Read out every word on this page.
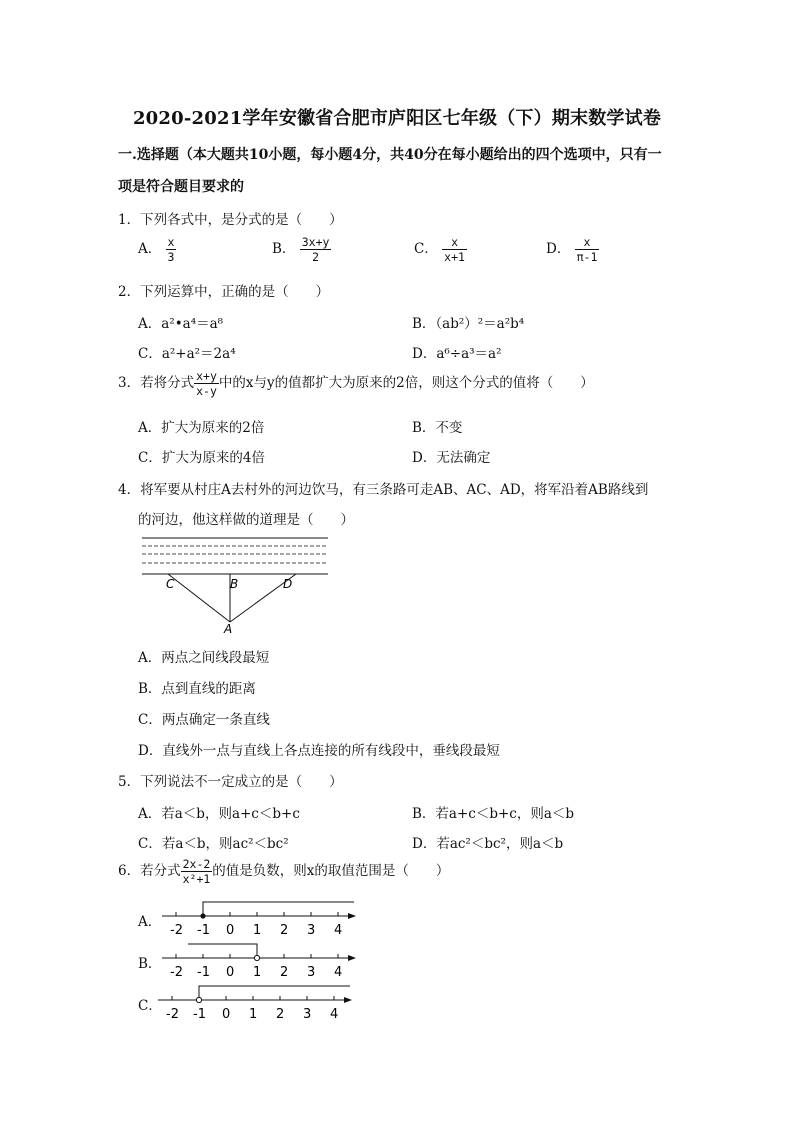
2020-2021学年安徽省合肥市庐阳区七年级（下）期末数学试卷
一.选择题（本大题共10小题，每小题4分，共40分在每小题给出的四个选项中，只有一
项是符合题目要求的
1．下列各式中，是分式的是（　　）
A． $\frac{x}{3}$	B． $\frac{3x+y}{2}$	C． $\frac{x}{x+1}$	D． $\frac{x}{\pi-1}$
2．下列运算中，正确的是（　　）
A．a²•a⁴＝a⁸	B．（ab²）²＝a²b⁴
C．a²+a²＝2a⁴	D．a⁶÷a³＝a²
3．若将分式 $\frac{x+y}{x-y}$ 中的x与y的值都扩大为原来的2倍，则这个分式的值将（　　）
A．扩大为原来的2倍	B．不变
C．扩大为原来的4倍	D．无法确定
4．将军要从村庄A去村外的河边饮马，有三条路可走AB、AC、AD，将军沿着AB路线到
的河边，他这样做的道理是（　　）
C	B	D
A
A．两点之间线段最短
B．点到直线的距离
C．两点确定一条直线
D．直线外一点与直线上各点连接的所有线段中，垂线段最短
5．下列说法不一定成立的是（　　）
A．若a＜b，则a+c＜b+c	B．若a+c＜b+c，则a＜b
C．若a＜b，则ac²＜bc²	D．若ac²＜bc²，则a＜b
6．若分式 $\frac{2x-2}{\text{x²+1}}$ 的值是负数，则x的取值范围是（　　）
A．
-2 -1 0 1 2 3 4
B．
-2 -1 0 1 2 3 4
C．
-2 -1 0 1 2 3 4
